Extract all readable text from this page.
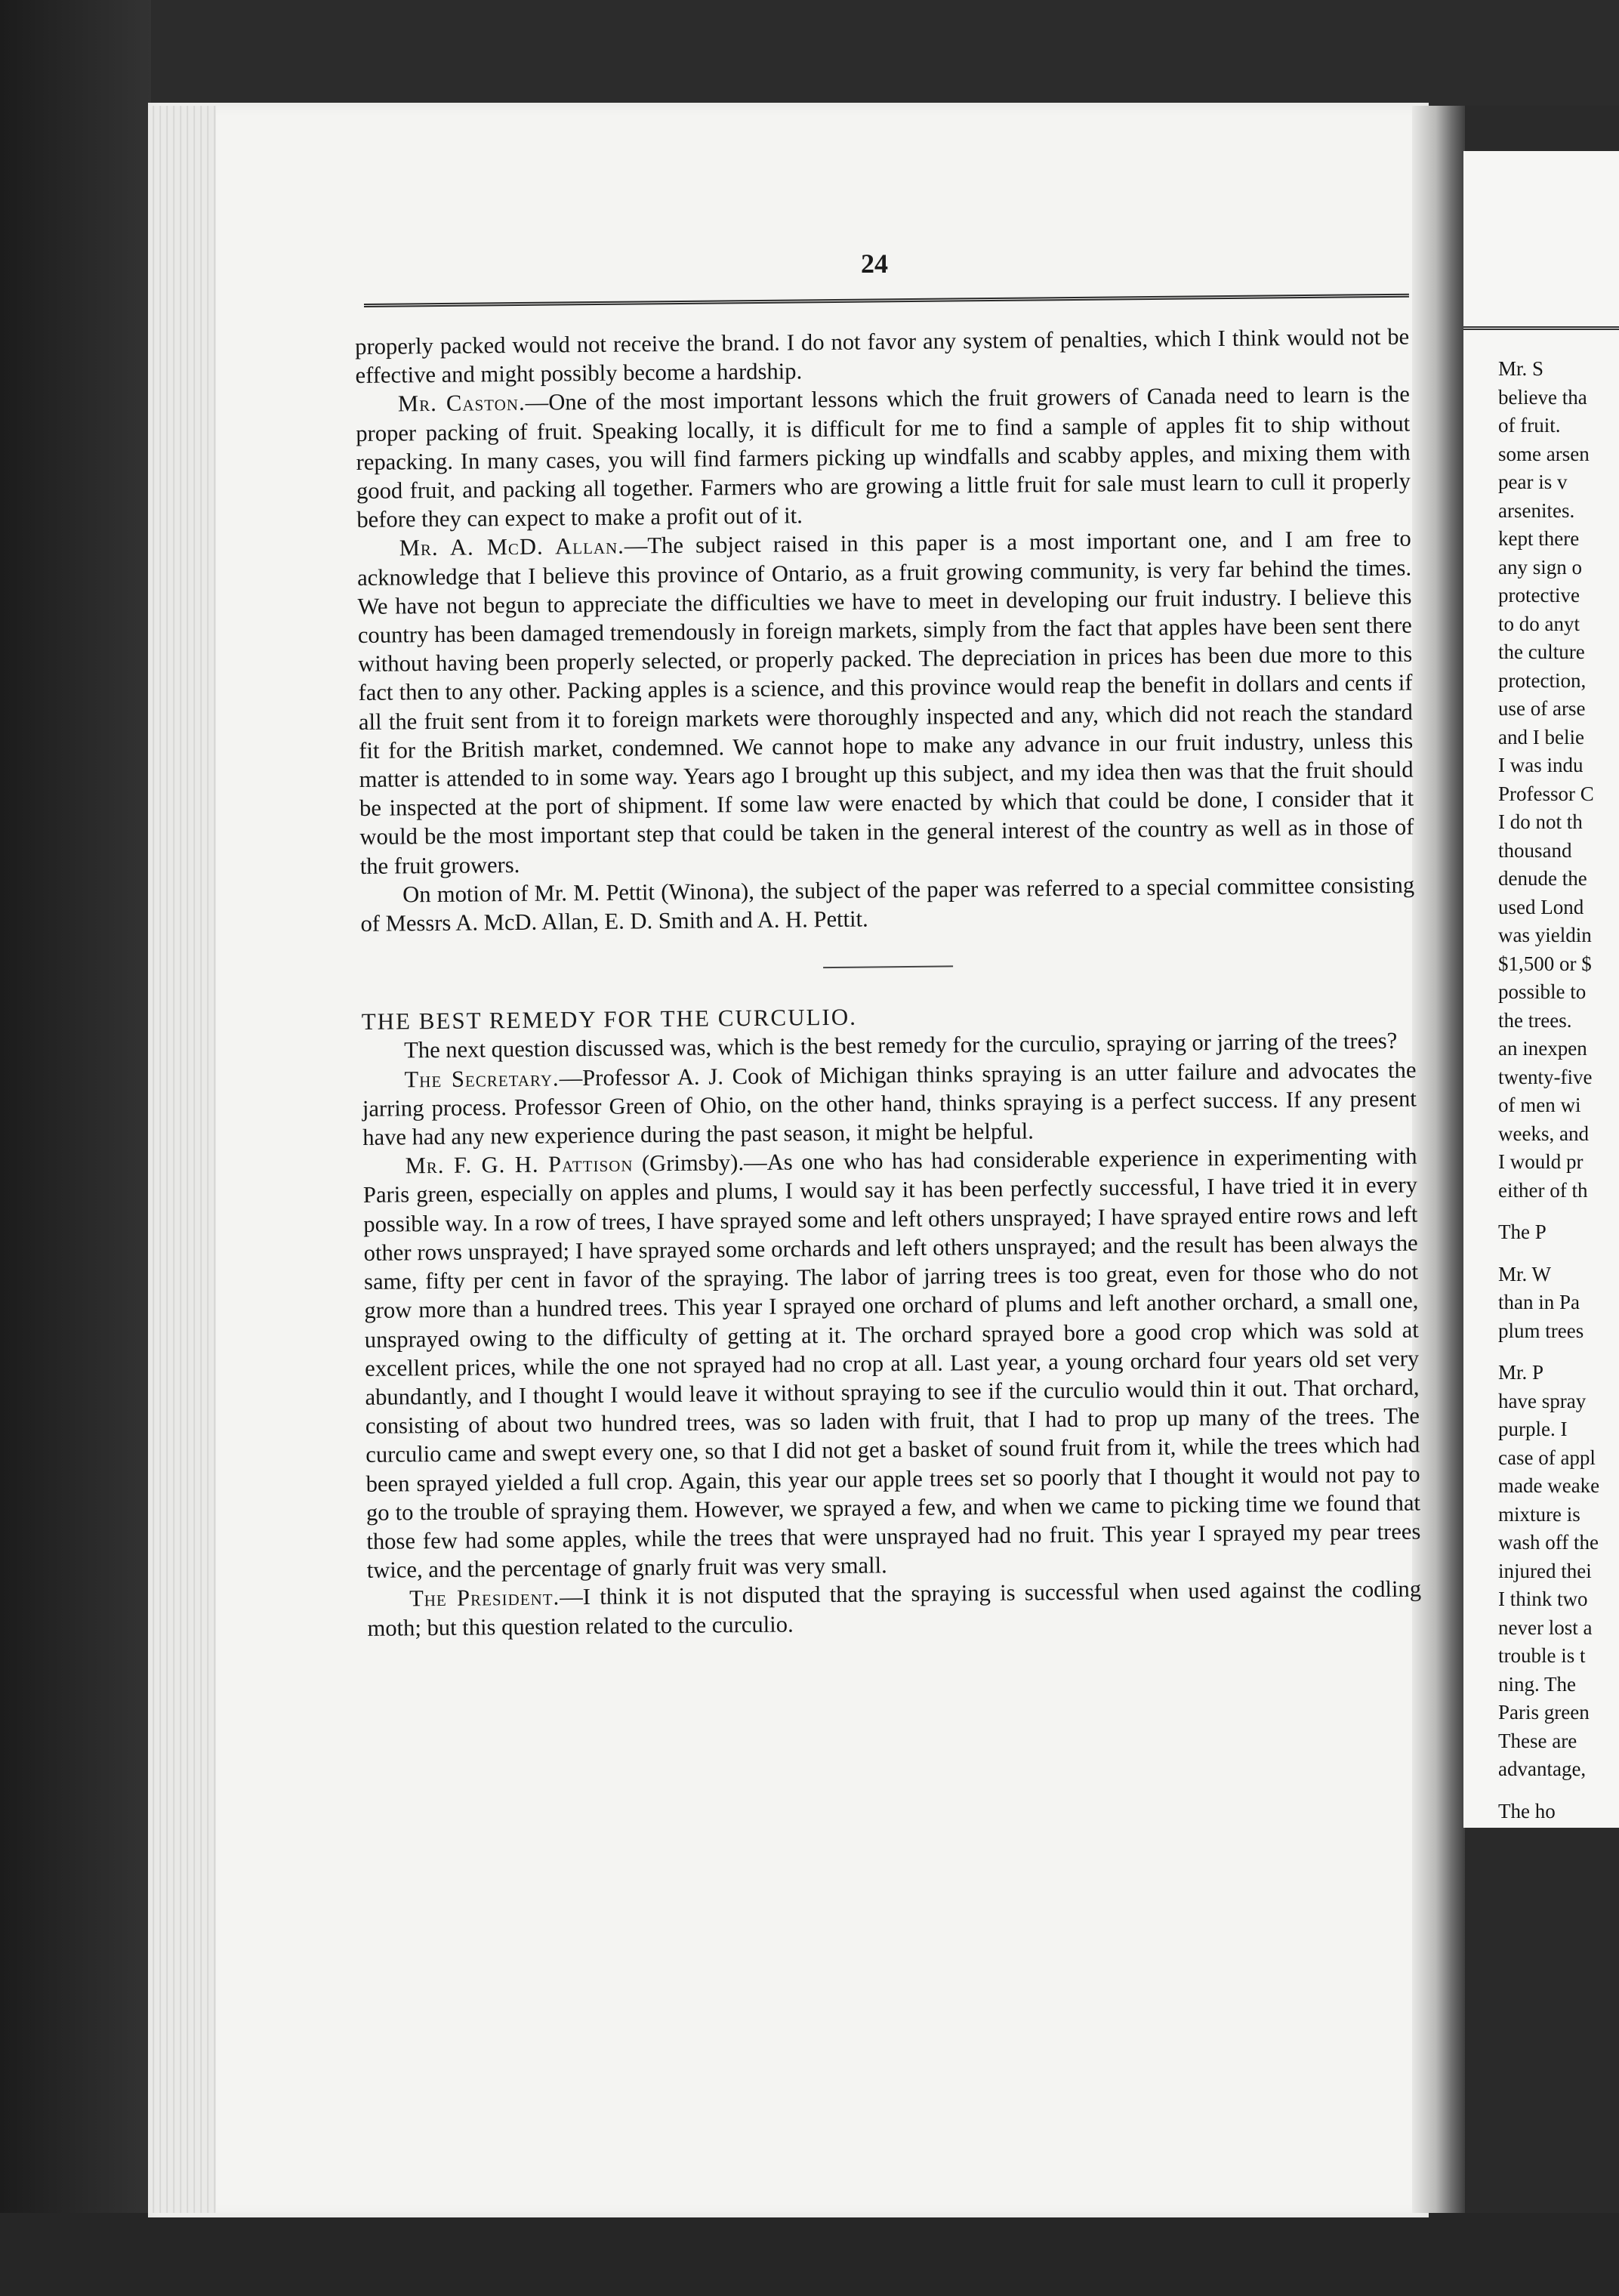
Mr. S
believe tha
of fruit.
some arsen
pear is v
arsenites.
kept there
any sign o
protective
to do anyt
the culture
protection,
use of arse
and I belie
I was indu
Professor C
I do not th
thousand
denude the
used Lond
was yieldin
$1,500 or $
possible to
the trees.
an inexpen
twenty-five
of men wi
weeks, and
I would pr
either of th
The P
Mr. W
than in Pa
plum trees
Mr. P
have spray
purple. I
case of appl
made weake
mixture is
wash off the
injured thei
I think two
never lost a
trouble is t
ning. The
Paris green
These are
advantage,
The ho
24

properly packed would not receive the brand. I do not favor any system of penalties, which I think would not be effective and might possibly become a hardship.

Mr. Caston.—One of the most important lessons which the fruit growers of Canada need to learn is the proper packing of fruit. Speaking locally, it is difficult for me to find a sample of apples fit to ship without repacking. In many cases, you will find farmers picking up windfalls and scabby apples, and mixing them with good fruit, and packing all together. Farmers who are growing a little fruit for sale must learn to cull it properly before they can expect to make a profit out of it.

Mr. A. McD. Allan.—The subject raised in this paper is a most important one, and I am free to acknowledge that I believe this province of Ontario, as a fruit growing community, is very far behind the times. We have not begun to appreciate the difficulties we have to meet in developing our fruit industry. I believe this country has been damaged tremendously in foreign markets, simply from the fact that apples have been sent there without having been properly selected, or properly packed. The depreciation in prices has been due more to this fact then to any other. Packing apples is a science, and this province would reap the benefit in dollars and cents if all the fruit sent from it to foreign markets were thoroughly inspected and any, which did not reach the standard fit for the British market, condemned. We cannot hope to make any advance in our fruit industry, unless this matter is attended to in some way. Years ago I brought up this subject, and my idea then was that the fruit should be inspected at the port of shipment. If some law were enacted by which that could be done, I consider that it would be the most important step that could be taken in the general interest of the country as well as in those of the fruit growers.

On motion of Mr. M. Pettit (Winona), the subject of the paper was referred to a special committee consisting of Messrs A. McD. Allan, E. D. Smith and A. H. Pettit.

THE BEST REMEDY FOR THE CURCULIO.

The next question discussed was, which is the best remedy for the curculio, spraying or jarring of the trees?

The Secretary.—Professor A. J. Cook of Michigan thinks spraying is an utter failure and advocates the jarring process. Professor Green of Ohio, on the other hand, thinks spraying is a perfect success. If any present have had any new experience during the past season, it might be helpful.

Mr. F. G. H. Pattison (Grimsby).—As one who has had considerable experience in experimenting with Paris green, especially on apples and plums, I would say it has been perfectly successful, I have tried it in every possible way. In a row of trees, I have sprayed some and left others unsprayed; I have sprayed entire rows and left other rows unsprayed; I have sprayed some orchards and left others unsprayed; and the result has been always the same, fifty per cent in favor of the spraying. The labor of jarring trees is too great, even for those who do not grow more than a hundred trees. This year I sprayed one orchard of plums and left another orchard, a small one, unsprayed owing to the difficulty of getting at it. The orchard sprayed bore a good crop which was sold at excellent prices, while the one not sprayed had no crop at all. Last year, a young orchard four years old set very abundantly, and I thought I would leave it without spraying to see if the curculio would thin it out. That orchard, consisting of about two hundred trees, was so laden with fruit, that I had to prop up many of the trees. The curculio came and swept every one, so that I did not get a basket of sound fruit from it, while the trees which had been sprayed yielded a full crop. Again, this year our apple trees set so poorly that I thought it would not pay to go to the trouble of spraying them. However, we sprayed a few, and when we came to picking time we found that those few had some apples, while the trees that were unsprayed had no fruit. This year I sprayed my pear trees twice, and the percentage of gnarly fruit was very small.

The President.—I think it is not disputed that the spraying is successful when used against the codling moth; but this question related to the curculio.
